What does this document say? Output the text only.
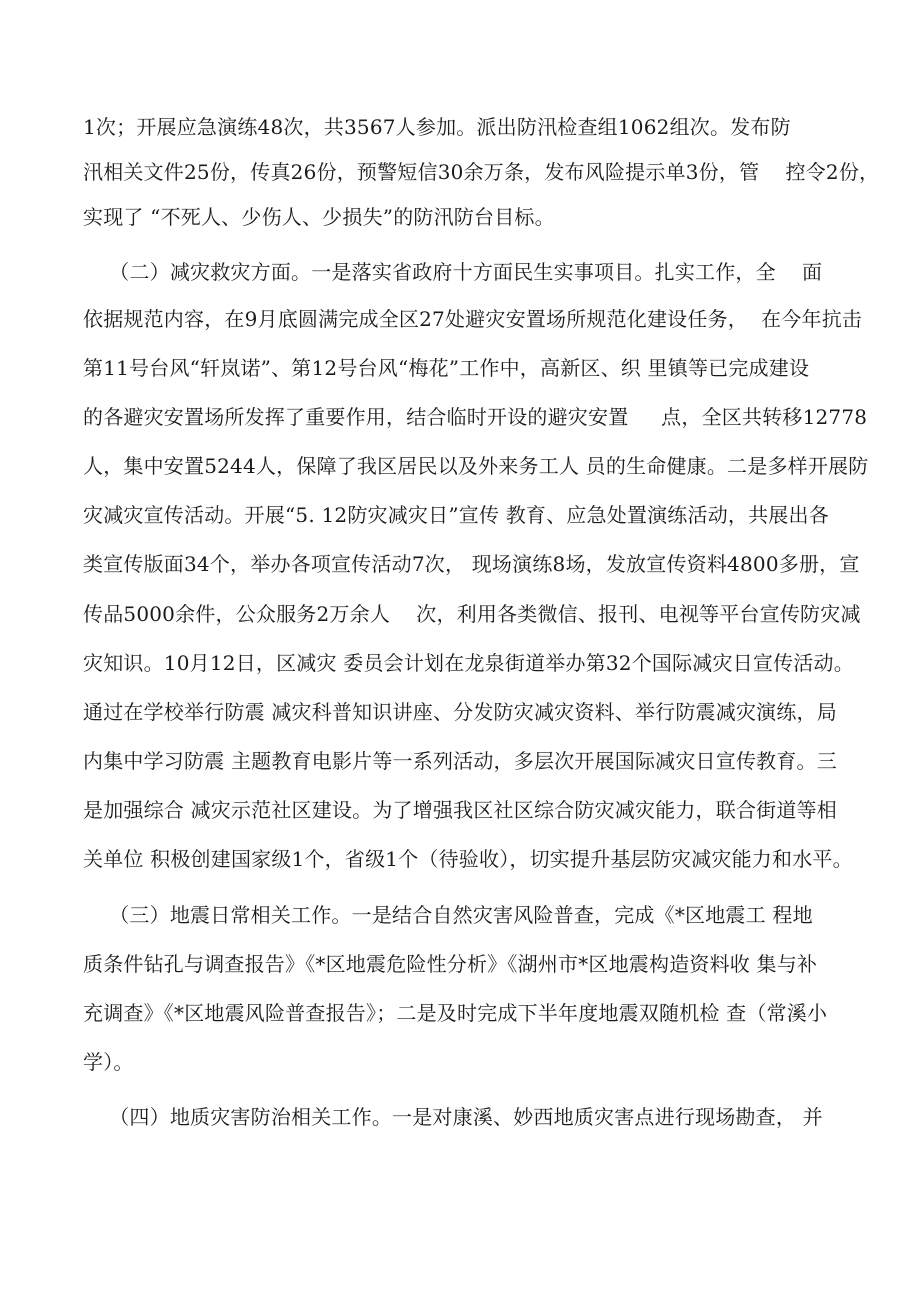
1次；开展应急演练48次，共3567人参加。派出防汛检查组1062组次。发布防
汛相关文件25份，传真26份，预警短信30余万条，发布风险提示单3份，管    控令2份，
实现了 “不死人、少伤人、少损失”的防汛防台目标。
（二）减灾救灾方面。一是落实省政府十方面民生实事项目。扎实工作，全    面
依据规范内容，在9月底圆满完成全区27处避灾安置场所规范化建设任务，  在今年抗击
第11号台风“轩岚诺”、第12号台风“梅花”工作中，高新区、织 里镇等已完成建设
的各避灾安置场所发挥了重要作用，结合临时开设的避灾安置     点，全区共转移12778
人，集中安置5244人，保障了我区居民以及外来务工人 员的生命健康。二是多样开展防
灾减灾宣传活动。开展“5. 12防灾减灾日”宣传 教育、应急处置演练活动，共展出各
类宣传版面34个，举办各项宣传活动7次， 现场演练8场，发放宣传资料4800多册，宣
传品5000余件，公众服务2万余人    次，利用各类微信、报刊、电视等平台宣传防灾减
灾知识。10月12日，区减灾 委员会计划在龙泉街道举办第32个国际减灾日宣传活动。
通过在学校举行防震 减灾科普知识讲座、分发防灾减灾资料、举行防震减灾演练，局
内集中学习防震 主题教育电影片等一系列活动，多层次开展国际减灾日宣传教育。三
是加强综合 减灾示范社区建设。为了增强我区社区综合防灾减灾能力，联合街道等相
关单位 积极创建国家级1个，省级1个（待验收），切实提升基层防灾减灾能力和水平。
（三）地震日常相关工作。一是结合自然灾害风险普查，完成《*区地震工 程地
质条件钻孔与调查报告》《*区地震危险性分析》《湖州市*区地震构造资料收 集与补
充调查》《*区地震风险普查报告》；二是及时完成下半年度地震双随机检 查（常溪小
学）。
（四）地质灾害防治相关工作。一是对康溪、妙西地质灾害点进行现场勘查， 并
